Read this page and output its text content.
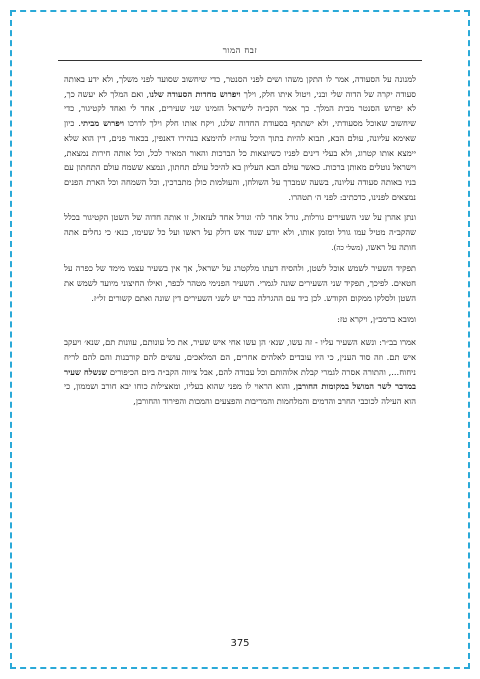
זבח המור

למנונה על הסעודה, אמר לו התקן משהו ושים לפני הסנטר, כדי שיחשוב שסועד לפני משלך, ולא ידע באותה סעודה יקרה של הדוה שלי ובני, ויטול איתו חלק, וילך ויפרוש מחדות הסעודה שלנו, ואם המלך לא יעשה כך, לא יפרוש הסנטר מבית המלך. כך אמר הקב״ה לישראל הזמינו שני שעירים, אחד לי ואחד לקטיגור, כדי שיחשוב שאוכל מסעודתי, ולא ישתתף בסעודת החדוה שלנו, ויקח אותו חלק וילך לדרכו ויפרוש מביתי. כיון שאימא עליונה, עולם הבא, תבוא להיות בתוך היכל עוה״ז להימצא בנהירו דאנפין, בכאור פנים, דין הוא שלא יימצא אותו קטרוג, ולא בעלי דינים לפניו כשיוצאות כל הברכות והאור המאיר לכל, וכל אותה חירות נמצאת, וישראל נוטלים מאותן ברכות. כאשר עולם הבא העליון בא להיכל עולם תחתון, ונמצא ששמח עולם התחתון עם בניו באותה סעודה עליונה, בשעה שמברך על השולחן, והעולמות כולן מתברכין, וכל השמחה וכל הארת הפנים נמצאים לפנינו, כדכתיב: לפני ה׳ תטהרו.

ונתן אהרן על שני השעירים גורלות, גורל אחד לה׳ וגורל אחד לעזאזל, זו אותה חדוה של השטן הקטיגור בכלל שהקב״ה מטיל עמו גורל ומזמן אותו, ולא יודע שנוד אש דולק על ראשו ועל כל שעימו, כנא׳ כי גחלים אתה חותה על ראשו, (משלי כה).

תפקיד השעיר לשמש אוכל לשטן, ולהסיח דעתו מלקטרג על ישראל, אך אין בשעיר עצמו מימד של כפרה על חטאים. לפיכך, תפקיד שני השעירים שונה לגמרי. השעיר הפנימי מטהר לכפר, ואילו החיצוני מיועד לשמש את השטן ולסלקו ממקום הקודש. לכן כיד עם ההגרלה כבר יש לשני השעירים דין שונה ואתם קשורים זל״ז.

ומובא ברמב״ן, ויקרא טז:

אמרו בב״ר: ונשא השעיר עליו - זה עשו, שנא׳ הן עשו אחי איש שעיר, את כל עונותם, עוונות תם, שנא׳ ויעקב איש תם. וזה סוד הענין, כי היו עובדים לאלהים אחרים, הם המלאכים, עושים להם קורבנות והם להם לריח ניחוח..., והתורה אסרה לגמרי קבלת אלוהותם וכל עבודה להם, אבל ציווה הקב״ה ביום הכיפורים שנשלח שעיר במדבר לשר המושל במקומות החורבן, והוא הראוי לו מפני שהוא בעליו, ומאצילות כוחו יבא חורב ושממון, כי הוא העילה לכוכבי החרב והדמים והמלחמות והמריבות והפצעים והמכות והפירוד והחורבן,

375
